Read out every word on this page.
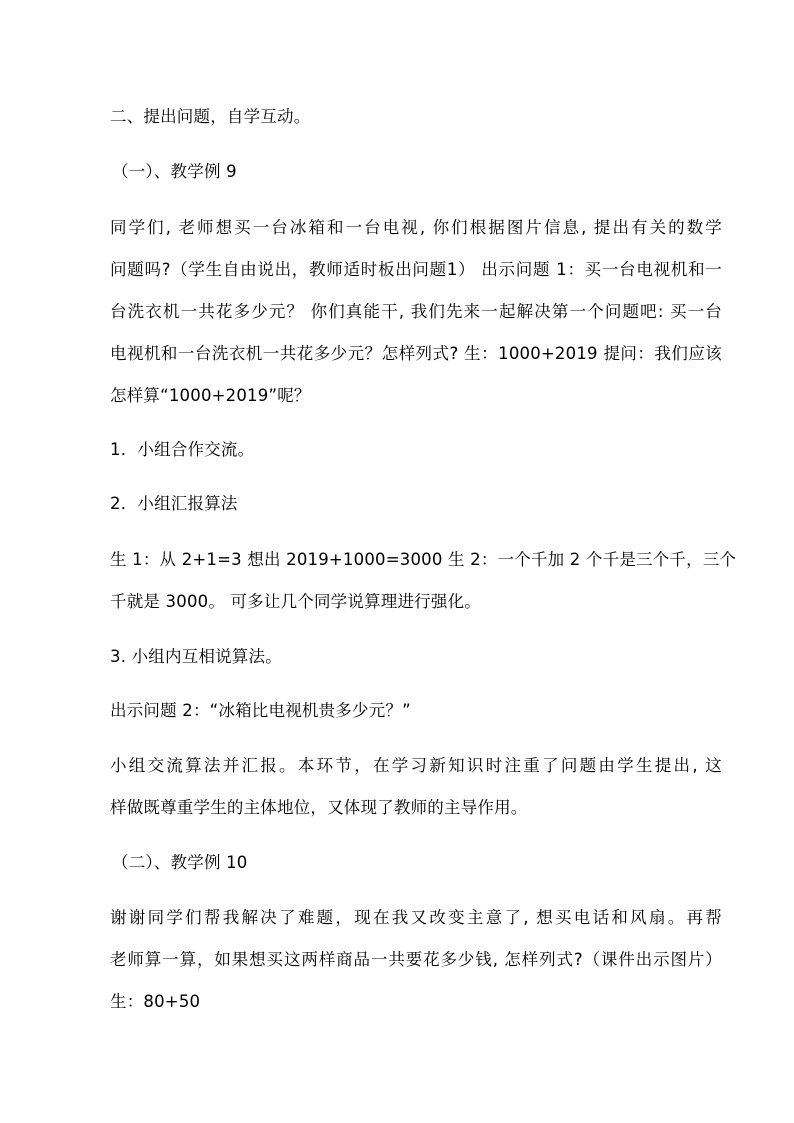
二、提出问题，自学互动。
（一）、教学例 9
同学们, 老师想买一台冰箱和一台电视, 你们根据图片信息, 提出有关的数学
问题吗?（学生自由说出，教师适时板出问题1） 出示问题 1：买一台电视机和一
台洗衣机一共花多少元？ 你们真能干, 我们先来一起解决第一个问题吧: 买一台
电视机和一台洗衣机一共花多少元？怎样列式? 生：1000+2019 提问：我们应该
怎样算“1000+2019”呢？
1．小组合作交流。
2．小组汇报算法
生 1：从 2+1=3 想出 2019+1000=3000 生 2：一个千加 2 个千是三个千，三个
千就是 3000。 可多让几个同学说算理进行强化。
3. 小组内互相说算法。
出示问题 2：“冰箱比电视机贵多少元？”
小组交流算法并汇报。本环节，在学习新知识时注重了问题由学生提出, 这
样做既尊重学生的主体地位，又体现了教师的主导作用。
（二）、教学例 10
谢谢同学们帮我解决了难题，现在我又改变主意了, 想买电话和风扇。再帮
老师算一算，如果想买这两样商品一共要花多少钱, 怎样列式?（课件出示图片）
生：80+50
